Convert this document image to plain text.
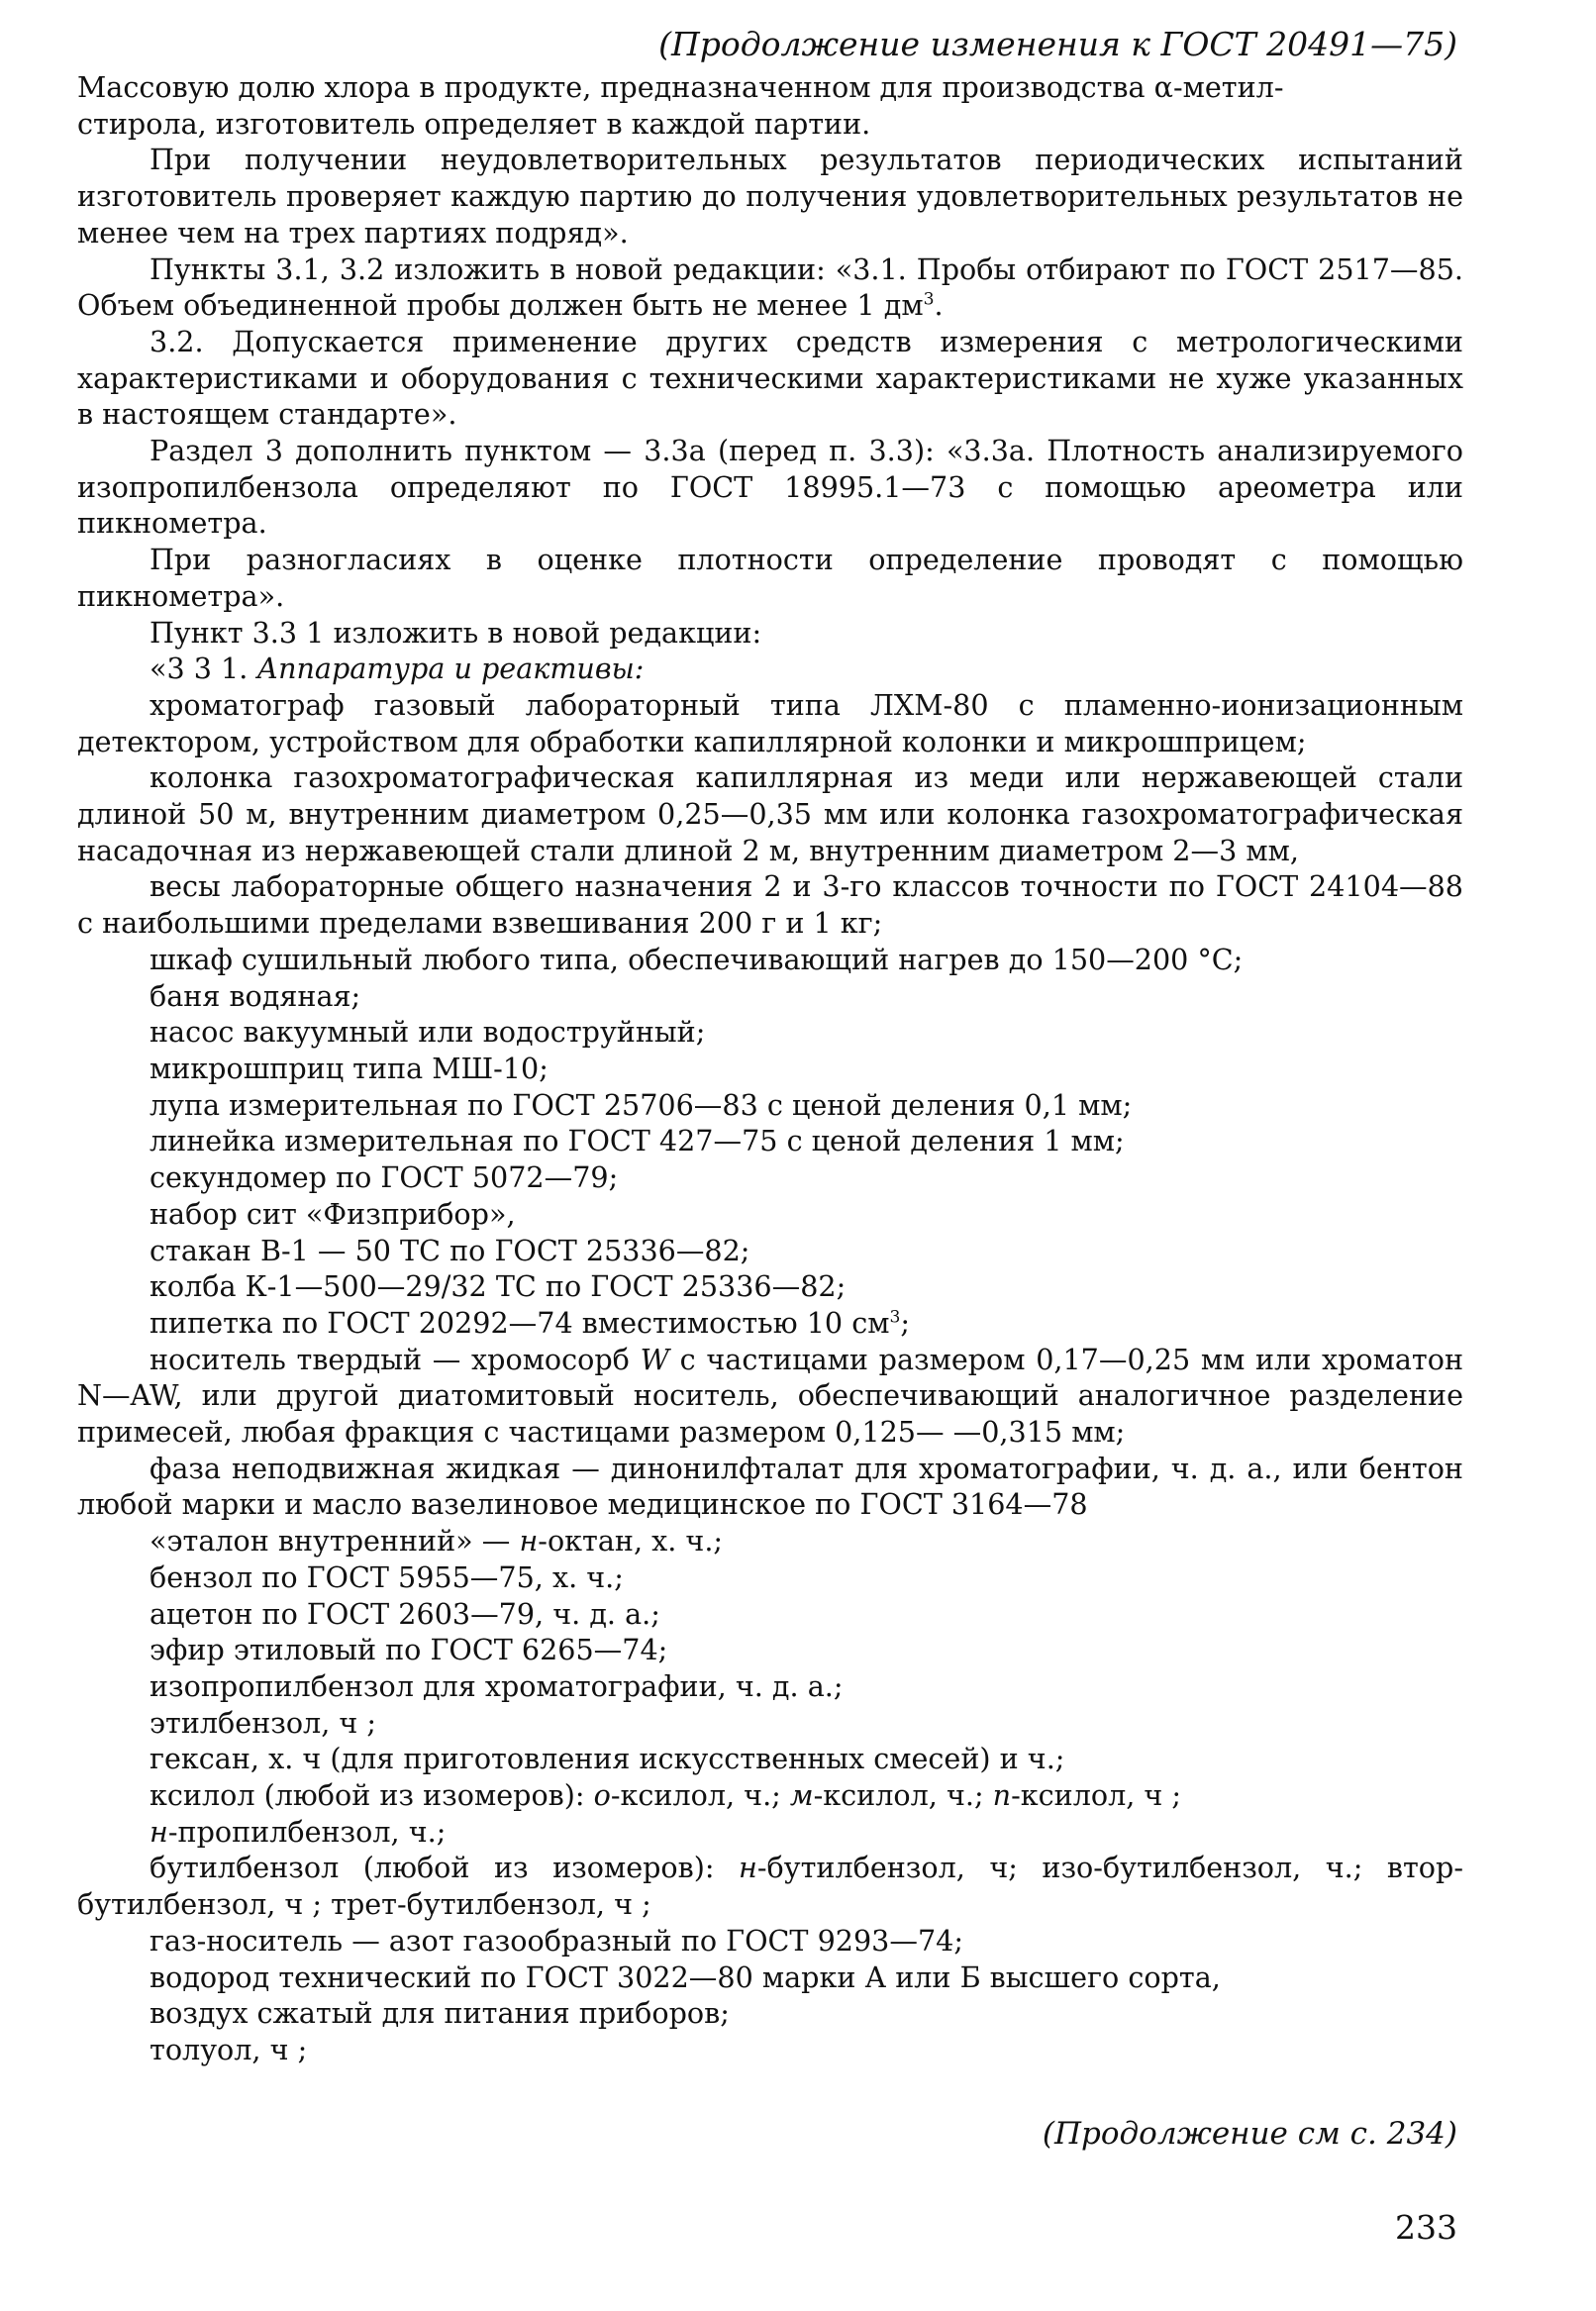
(Продолжение изменения к ГОСТ 20491—75)

Массовую долю хлора в продукте, предназначенном для производства α-метил-
стирола, изготовитель определяет в каждой партии.

При получении неудовлетворительных результатов периодических испытаний изготовитель проверяет каждую партию до получения удовлетворительных результатов не менее чем на трех партиях подряд».

Пункты 3.1, 3.2 изложить в новой редакции: «3.1. Пробы отбирают по ГОСТ 2517—85. Объем объединенной пробы должен быть не менее 1 $дм^3$.

3.2. Допускается применение других средств измерения с метрологическими характеристиками и оборудования с техническими характеристиками не хуже указанных в настоящем стандарте».

Раздел 3 дополнить пунктом — 3.3а (перед п. 3.3): «3.3а. Плотность анализируемого изопропилбензола определяют по ГОСТ 18995.1—73 с помощью ареометра или пикнометра.

При разногласиях в оценке плотности определение проводят с помощью пикнометра».

Пункт 3.3 1 изложить в новой редакции:

«3 3 1. Аппаратура и реактивы:

хроматограф газовый лабораторный типа ЛХМ-80 с пламенно-ионизационным детектором, устройством для обработки капиллярной колонки и микрошприцем;

колонка газохроматографическая капиллярная из меди или нержавеющей стали длиной 50 м, внутренним диаметром 0,25—0,35 мм или колонка газохроматографическая насадочная из нержавеющей стали длиной 2 м, внутренним диаметром 2—3 мм,

весы лабораторные общего назначения 2 и 3-го классов точности по ГОСТ 24104—88 с наибольшими пределами взвешивания 200 г и 1 кг;

шкаф сушильный любого типа, обеспечивающий нагрев до 150—200 °С;

баня водяная;

насос вакуумный или водоструйный;

микрошприц типа МШ-10;

лупа измерительная по ГОСТ 25706—83 с ценой деления 0,1 мм;

линейка измерительная по ГОСТ 427—75 с ценой деления 1 мм;

секундомер по ГОСТ 5072—79;

набор сит «Физприбор»,

стакан В-1 — 50 ТС по ГОСТ 25336—82;

колба К-1—500—29/32 ТС по ГОСТ 25336—82;

пипетка по ГОСТ 20292—74 вместимостью 10 $см^3$;

носитель твердый — хромосорб W с частицами размером 0,17—0,25 мм или хроматон N—AW, или другой диатомитовый носитель, обеспечивающий аналогичное разделение примесей, любая фракция с частицами размером 0,125— —0,315 мм;

фаза неподвижная жидкая — динонилфталат для хроматографии, ч. д. а., или бентон любой марки и масло вазелиновое медицинское по ГОСТ 3164—78

«эталон внутренний» — н-октан, х. ч.;

бензол по ГОСТ 5955—75, х. ч.;

ацетон по ГОСТ 2603—79, ч. д. а.;

эфир этиловый по ГОСТ 6265—74;

изопропилбензол для хроматографии, ч. д. а.;

этилбензол, ч ;

гексан, х. ч (для приготовления искусственных смесей) и ч.;

ксилол (любой из изомеров): о-ксилол, ч.; м-ксилол, ч.; п-ксилол, ч ;

н-пропилбензол, ч.;

бутилбензол (любой из изомеров): н-бутилбензол, ч; изо-бутилбензол, ч.; втор-бутилбензол, ч ; трет-бутилбензол, ч ;

газ-носитель — азот газообразный по ГОСТ 9293—74;

водород технический по ГОСТ 3022—80 марки А или Б высшего сорта,

воздух сжатый для питания приборов;

толуол, ч ;

(Продолжение см с. 234)
233
